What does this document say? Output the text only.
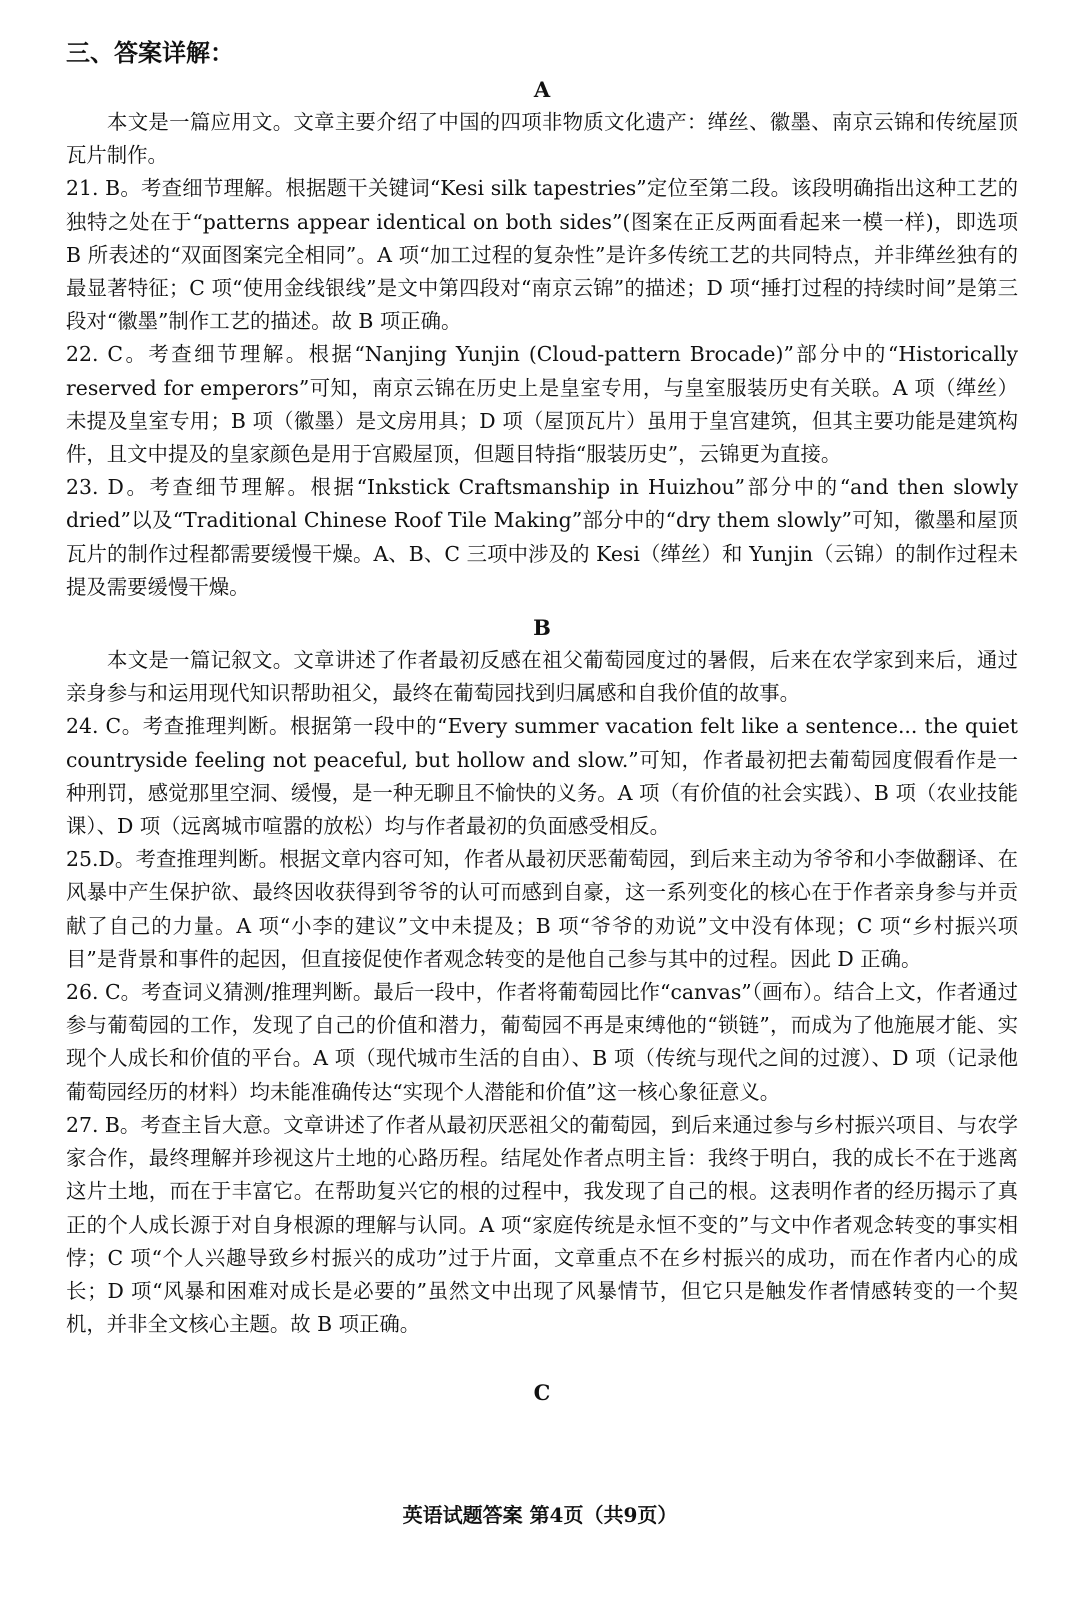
三、答案详解：
A

本文是一篇应用文。文章主要介绍了中国的四项非物质文化遗产：缂丝、徽墨、南京云锦和传统屋顶瓦片制作。

21. B。考查细节理解。根据题干关键词“Kesi silk tapestries”定位至第二段。该段明确指出这种工艺的独特之处在于“patterns appear identical on both sides”(图案在正反两面看起来一模一样)，即选项 B 所表述的“双面图案完全相同”。A 项“加工过程的复杂性”是许多传统工艺的共同特点，并非缂丝独有的最显著特征；C 项“使用金线银线”是文中第四段对“南京云锦”的描述；D 项“捶打过程的持续时间”是第三段对“徽墨”制作工艺的描述。故 B 项正确。

22. C。考查细节理解。根据“Nanjing Yunjin (Cloud-pattern Brocade)”部分中的“Historically reserved for emperors”可知，南京云锦在历史上是皇室专用，与皇室服装历史有关联。A 项（缂丝）未提及皇室专用；B 项（徽墨）是文房用具；D 项（屋顶瓦片）虽用于皇宫建筑，但其主要功能是建筑构件，且文中提及的皇家颜色是用于宫殿屋顶，但题目特指“服装历史”，云锦更为直接。

23. D。考查细节理解。根据“Inkstick Craftsmanship in Huizhou”部分中的“and then slowly dried”以及“Traditional Chinese Roof Tile Making”部分中的“dry them slowly”可知，徽墨和屋顶瓦片的制作过程都需要缓慢干燥。A、B、C 三项中涉及的 Kesi（缂丝）和 Yunjin（云锦）的制作过程未提及需要缓慢干燥。

B

本文是一篇记叙文。文章讲述了作者最初反感在祖父葡萄园度过的暑假，后来在农学家到来后，通过亲身参与和运用现代知识帮助祖父，最终在葡萄园找到归属感和自我价值的故事。

24. C。考查推理判断。根据第一段中的“Every summer vacation felt like a sentence... the quiet countryside feeling not peaceful, but hollow and slow.”可知，作者最初把去葡萄园度假看作是一种刑罚，感觉那里空洞、缓慢，是一种无聊且不愉快的义务。A 项（有价值的社会实践）、B 项（农业技能课）、D 项（远离城市喧嚣的放松）均与作者最初的负面感受相反。

25.D。考查推理判断。根据文章内容可知，作者从最初厌恶葡萄园，到后来主动为爷爷和小李做翻译、在风暴中产生保护欲、最终因收获得到爷爷的认可而感到自豪，这一系列变化的核心在于作者亲身参与并贡献了自己的力量。A 项“小李的建议”文中未提及；B 项“爷爷的劝说”文中没有体现；C 项“乡村振兴项目”是背景和事件的起因，但直接促使作者观念转变的是他自己参与其中的过程。因此 D 正确。

26. C。考查词义猜测/推理判断。最后一段中，作者将葡萄园比作“canvas”（画布）。结合上文，作者通过参与葡萄园的工作，发现了自己的价值和潜力，葡萄园不再是束缚他的“锁链”，而成为了他施展才能、实现个人成长和价值的平台。A 项（现代城市生活的自由）、B 项（传统与现代之间的过渡）、D 项（记录他葡萄园经历的材料）均未能准确传达“实现个人潜能和价值”这一核心象征意义。

27. B。考查主旨大意。文章讲述了作者从最初厌恶祖父的葡萄园，到后来通过参与乡村振兴项目、与农学家合作，最终理解并珍视这片土地的心路历程。结尾处作者点明主旨：我终于明白，我的成长不在于逃离这片土地，而在于丰富它。在帮助复兴它的根的过程中，我发现了自己的根。这表明作者的经历揭示了真正的个人成长源于对自身根源的理解与认同。A 项“家庭传统是永恒不变的”与文中作者观念转变的事实相悖；C 项“个人兴趣导致乡村振兴的成功”过于片面，文章重点不在乡村振兴的成功，而在作者内心的成长；D 项“风暴和困难对成长是必要的”虽然文中出现了风暴情节，但它只是触发作者情感转变的一个契机，并非全文核心主题。故 B 项正确。

C
英语试题答案 第4页（共9页）
